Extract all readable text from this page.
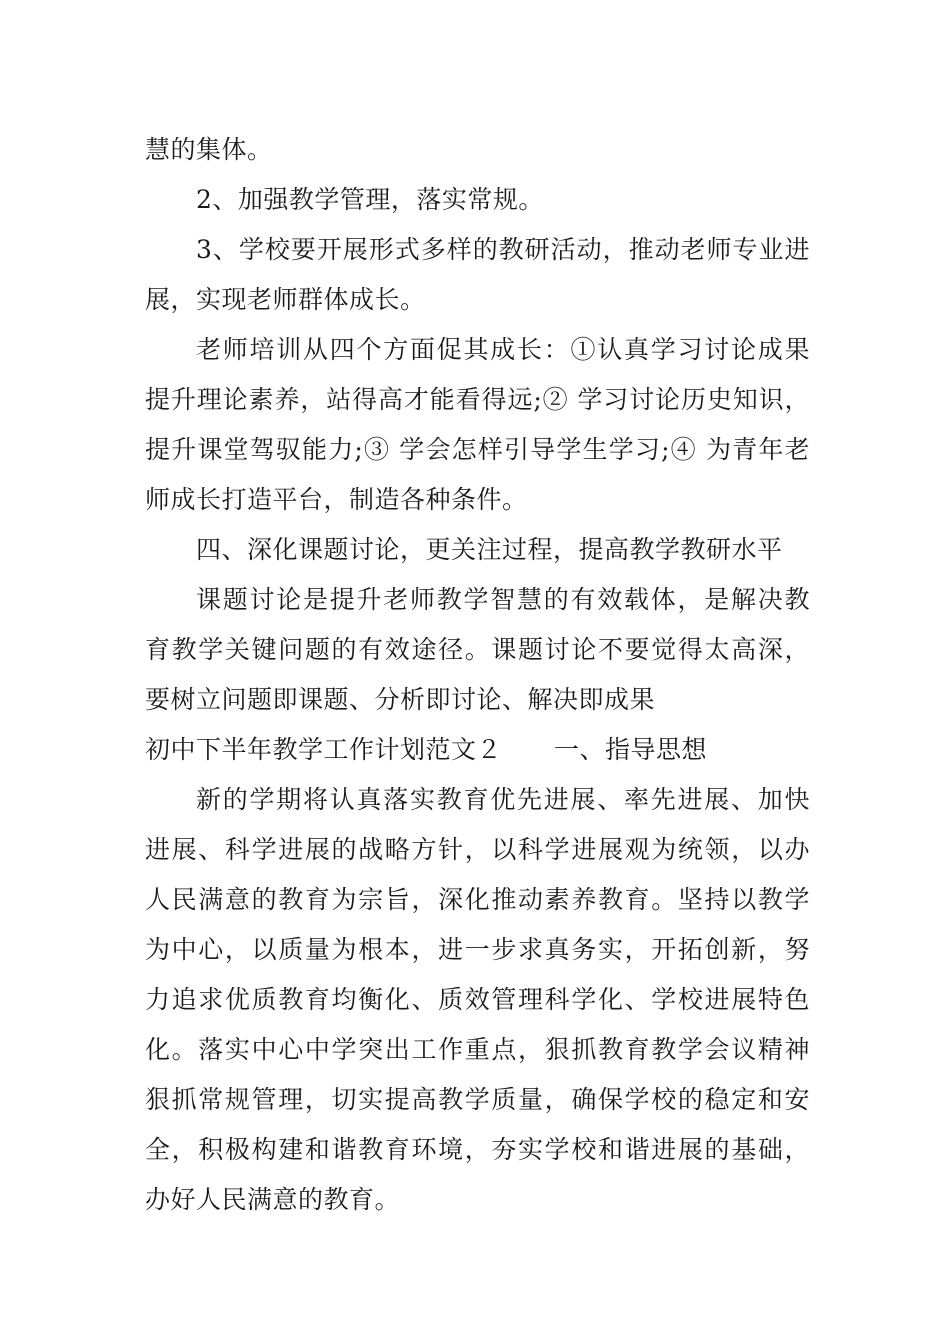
慧的集体。
2、加强教学管理，落实常规。
3、学校要开展形式多样的教研活动，推动老师专业进
展，实现老师群体成长。
老师培训从四个方面促其成长：①认真学习讨论成果
提升理论素养，站得高才能看得远;② 学习讨论历史知识，
提升课堂驾驭能力;③ 学会怎样引导学生学习;④ 为青年老
师成长打造平台，制造各种条件。
四、深化课题讨论，更关注过程，提高教学教研水平
课题讨论是提升老师教学智慧的有效载体，是解决教
育教学关键问题的有效途径。课题讨论不要觉得太高深，
要树立问题即课题、分析即讨论、解决即成果
初中下半年教学工作计划范文２ 一、指导思想
新的学期将认真落实教育优先进展、率先进展、加快
进展、科学进展的战略方针，以科学进展观为统领，以办
人民满意的教育为宗旨，深化推动素养教育。坚持以教学
为中心，以质量为根本，进一步求真务实，开拓创新，努
力追求优质教育均衡化、质效管理科学化、学校进展特色
化。落实中心中学突出工作重点，狠抓教育教学会议精神
狠抓常规管理，切实提高教学质量，确保学校的稳定和安
全，积极构建和谐教育环境，夯实学校和谐进展的基础，
办好人民满意的教育。
